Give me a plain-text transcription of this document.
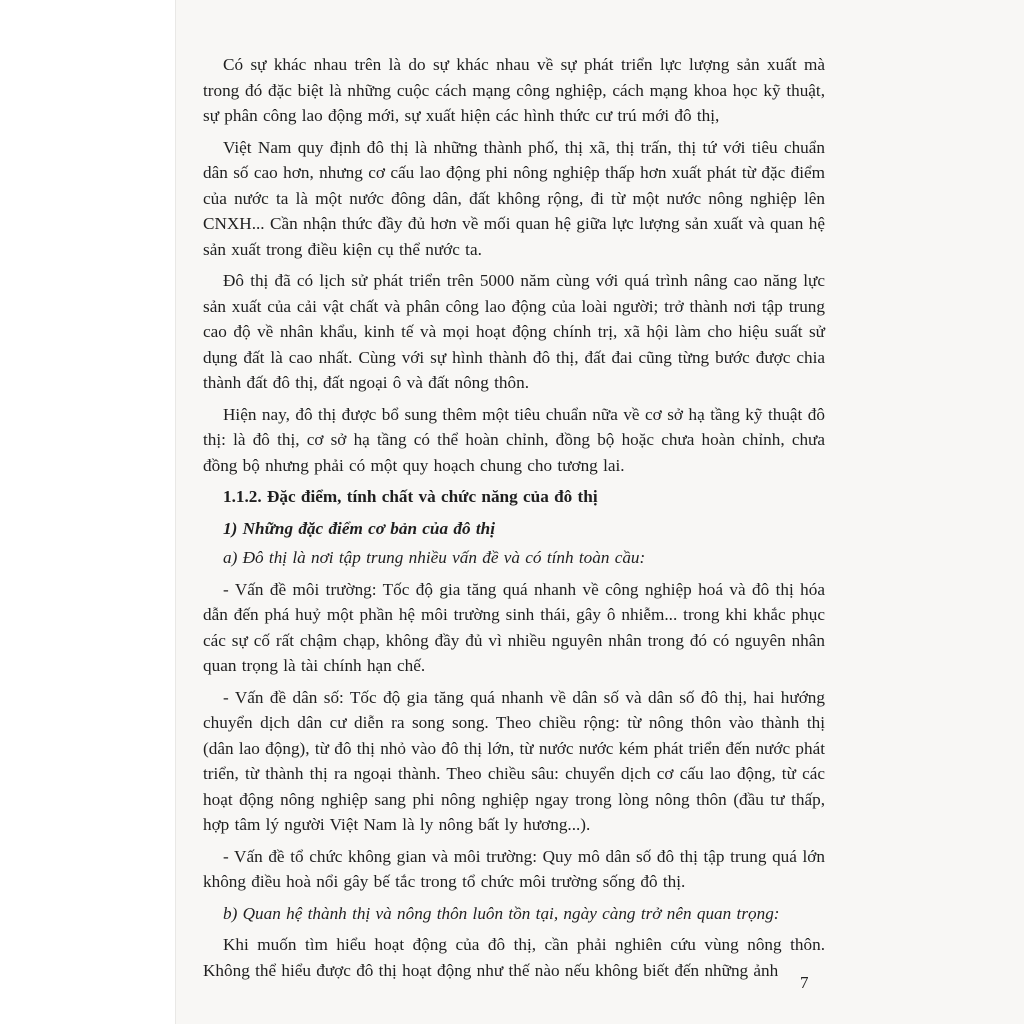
Có sự khác nhau trên là do sự khác nhau về sự phát triển lực lượng sản xuất mà trong đó đặc biệt là những cuộc cách mạng công nghiệp, cách mạng khoa học kỹ thuật, sự phân công lao động mới, sự xuất hiện các hình thức cư trú mới đô thị,

Việt Nam quy định đô thị là những thành phố, thị xã, thị trấn, thị tứ với tiêu chuẩn dân số cao hơn, nhưng cơ cấu lao động phi nông nghiệp thấp hơn xuất phát từ đặc điểm của nước ta là một nước đông dân, đất không rộng, đi từ một nước nông nghiệp lên CNXH... Cần nhận thức đầy đủ hơn về mối quan hệ giữa lực lượng sản xuất và quan hệ sản xuất trong điều kiện cụ thể nước ta.

Đô thị đã có lịch sử phát triển trên 5000 năm cùng với quá trình nâng cao năng lực sản xuất của cải vật chất và phân công lao động của loài người; trở thành nơi tập trung cao độ về nhân khẩu, kinh tế và mọi hoạt động chính trị, xã hội làm cho hiệu suất sử dụng đất là cao nhất. Cùng với sự hình thành đô thị, đất đai cũng từng bước được chia thành đất đô thị, đất ngoại ô và đất nông thôn.

Hiện nay, đô thị được bổ sung thêm một tiêu chuẩn nữa về cơ sở hạ tầng kỹ thuật đô thị: là đô thị, cơ sở hạ tầng có thể hoàn chỉnh, đồng bộ hoặc chưa hoàn chỉnh, chưa đồng bộ nhưng phải có một quy hoạch chung cho tương lai.

1.1.2. Đặc điểm, tính chất và chức năng của đô thị

1) Những đặc điểm cơ bản của đô thị

a) Đô thị là nơi tập trung nhiều vấn đề và có tính toàn cầu:

- Vấn đề môi trường: Tốc độ gia tăng quá nhanh về công nghiệp hoá và đô thị hóa dẫn đến phá huỷ một phần hệ môi trường sinh thái, gây ô nhiễm... trong khi khắc phục các sự cố rất chậm chạp, không đầy đủ vì nhiều nguyên nhân trong đó có nguyên nhân quan trọng là tài chính hạn chế.

- Vấn đề dân số: Tốc độ gia tăng quá nhanh về dân số và dân số đô thị, hai hướng chuyển dịch dân cư diễn ra song song. Theo chiều rộng: từ nông thôn vào thành thị (dân lao động), từ đô thị nhỏ vào đô thị lớn, từ nước nước kém phát triển đến nước phát triển, từ thành thị ra ngoại thành. Theo chiều sâu: chuyển dịch cơ cấu lao động, từ các hoạt động nông nghiệp sang phi nông nghiệp ngay trong lòng nông thôn (đầu tư thấp, hợp tâm lý người Việt Nam là ly nông bất ly hương...).

- Vấn đề tổ chức không gian và môi trường: Quy mô dân số đô thị tập trung quá lớn không điều hoà nổi gây bế tắc trong tổ chức môi trường sống đô thị.

b) Quan hệ thành thị và nông thôn luôn tồn tại, ngày càng trở nên quan trọng:

Khi muốn tìm hiểu hoạt động của đô thị, cần phải nghiên cứu vùng nông thôn. Không thể hiểu được đô thị hoạt động như thế nào nếu không biết đến những ảnh

7
